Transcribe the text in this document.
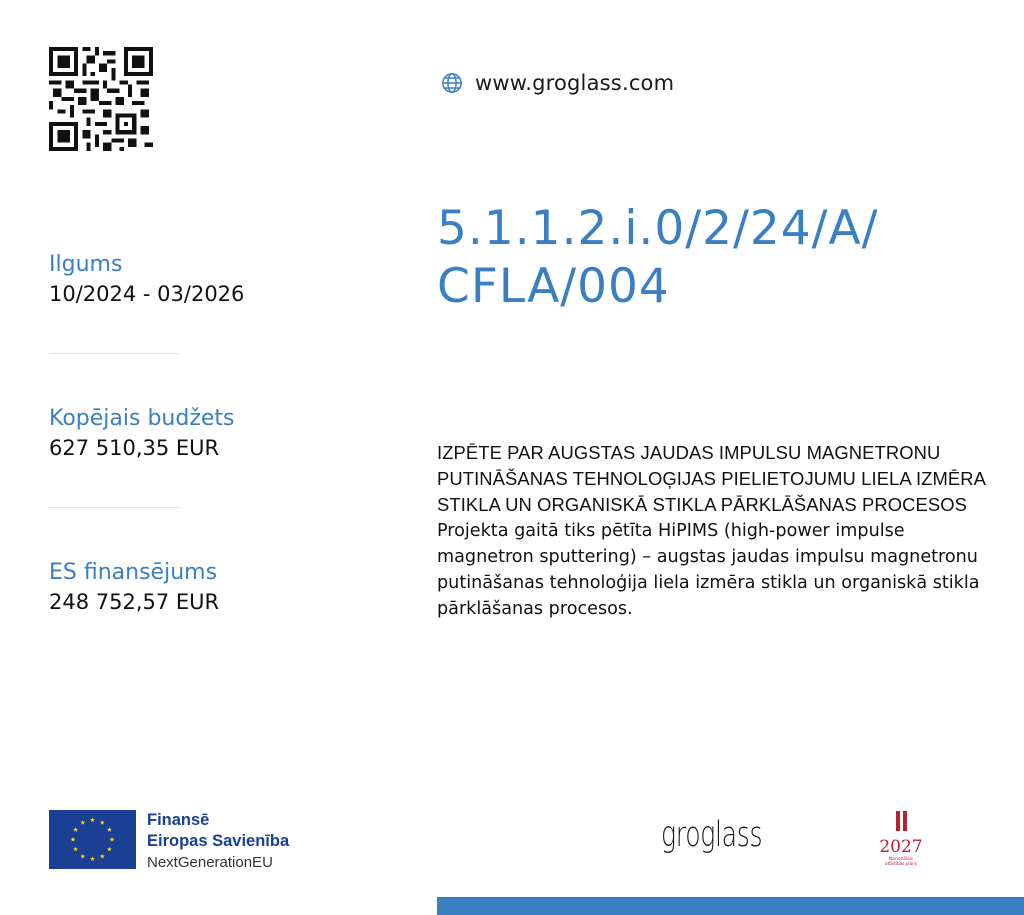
www.groglass.com
5.1.1.2.i.0/2/24/A/
CFLA/004
Ilgums
10/2024 - 03/2026
Kopējais budžets
627 510,35 EUR
ES finansējums
248 752,57 EUR
IZPĒTE PAR AUGSTAS JAUDAS IMPULSU MAGNETRONU PUTINĀŠANAS TEHNOLOĢIJAS PIELIETOJUMU LIELA IZMĒRA STIKLA UN ORGANISKĀ STIKLA PĀRKLĀŠANAS PROCESOS
Projekta gaitā tiks pētīta HiPIMS (high-power impulse magnetron sputtering) – augstas jaudas impulsu magnetronu putināšanas tehnoloģija liela izmēra stikla un organiskā stikla pārklāšanas procesos.
Finansē
Eiropas Savienība
NextGenerationEU
groglass	2027
Nacionālais attīstības plāns
